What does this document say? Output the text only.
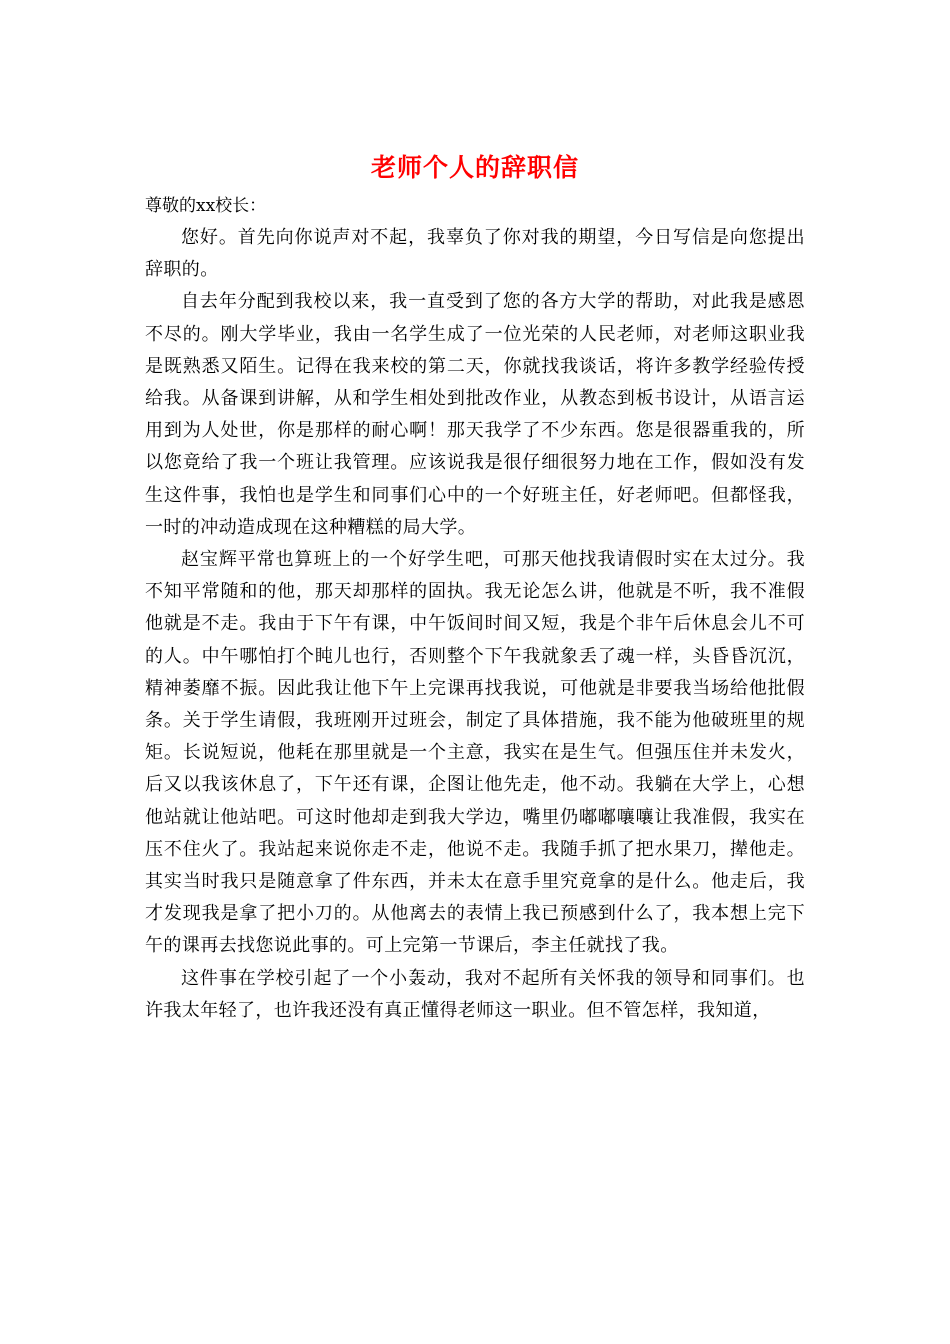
老师个人的辞职信

尊敬的xx校长：

您好。首先向你说声对不起，我辜负了你对我的期望，今日写信是向您提出辞职的。

自去年分配到我校以来，我一直受到了您的各方大学的帮助，对此我是感恩不尽的。刚大学毕业，我由一名学生成了一位光荣的人民老师，对老师这职业我是既熟悉又陌生。记得在我来校的第二天，你就找我谈话，将许多教学经验传授给我。从备课到讲解，从和学生相处到批改作业，从教态到板书设计，从语言运用到为人处世，你是那样的耐心啊！那天我学了不少东西。您是很器重我的，所以您竟给了我一个班让我管理。应该说我是很仔细很努力地在工作，假如没有发生这件事，我怕也是学生和同事们心中的一个好班主任，好老师吧。但都怪我，一时的冲动造成现在这种糟糕的局大学。

赵宝辉平常也算班上的一个好学生吧，可那天他找我请假时实在太过分。我不知平常随和的他，那天却那样的固执。我无论怎么讲，他就是不听，我不准假他就是不走。我由于下午有课，中午饭间时间又短，我是个非午后休息会儿不可的人。中午哪怕打个盹儿也行，否则整个下午我就象丢了魂一样，头昏昏沉沉，精神萎靡不振。因此我让他下午上完课再找我说，可他就是非要我当场给他批假条。关于学生请假，我班刚开过班会，制定了具体措施，我不能为他破班里的规矩。长说短说，他耗在那里就是一个主意，我实在是生气。但强压住并未发火，后又以我该休息了，下午还有课，企图让他先走，他不动。我躺在大学上，心想他站就让他站吧。可这时他却走到我大学边，嘴里仍嘟嘟嚷嚷让我准假，我实在压不住火了。我站起来说你走不走，他说不走。我随手抓了把水果刀，撵他走。其实当时我只是随意拿了件东西，并未太在意手里究竟拿的是什么。他走后，我才发现我是拿了把小刀的。从他离去的表情上我已预感到什么了，我本想上完下午的课再去找您说此事的。可上完第一节课后，李主任就找了我。

这件事在学校引起了一个小轰动，我对不起所有关怀我的领导和同事们。也许我太年轻了，也许我还没有真正懂得老师这一职业。但不管怎样，我知道，
